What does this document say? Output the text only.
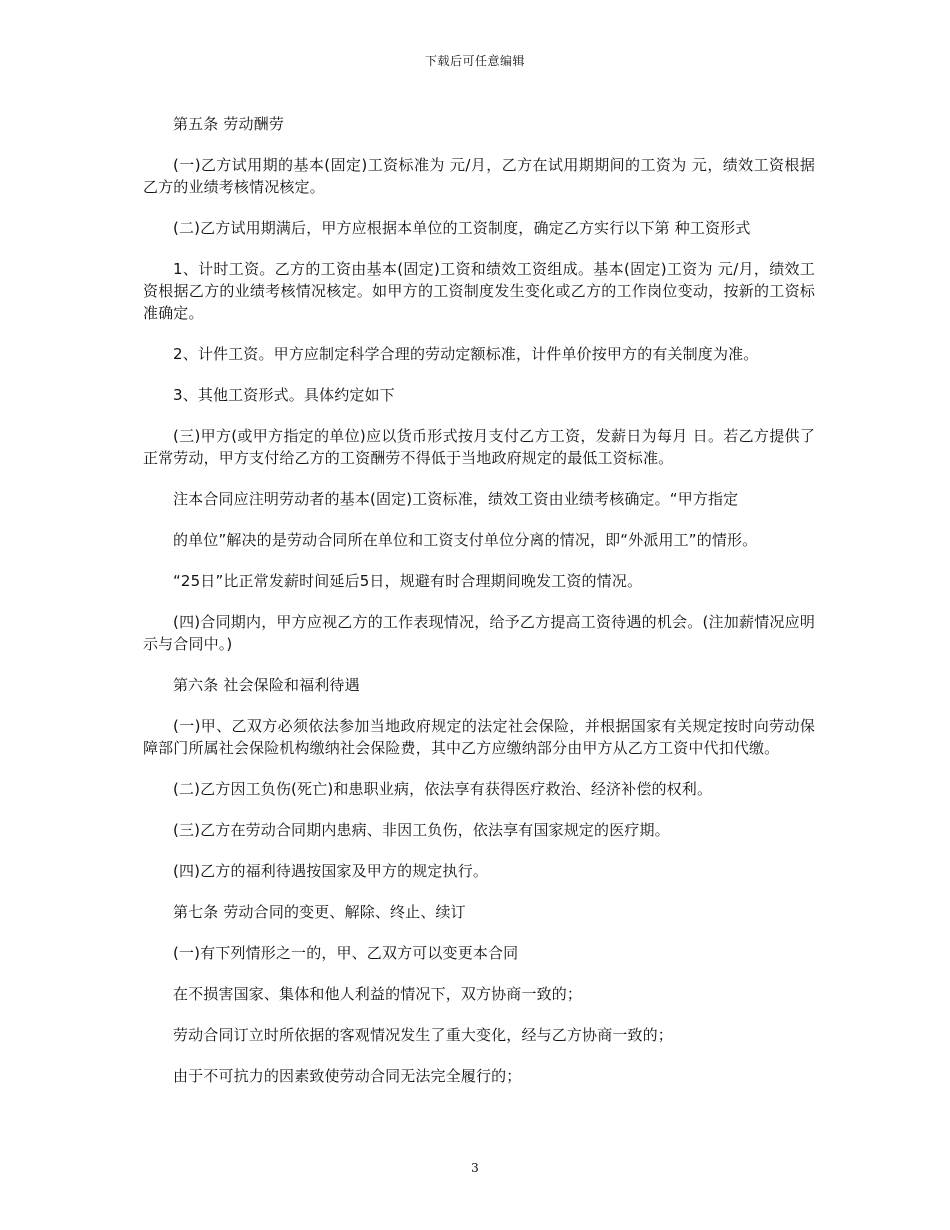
下载后可任意编辑

第五条 劳动酬劳

(一)乙方试用期的基本(固定)工资标准为 元/月，乙方在试用期期间的工资为 元，绩效工资根据乙方的业绩考核情况核定。

(二)乙方试用期满后，甲方应根据本单位的工资制度，确定乙方实行以下第 种工资形式

1、计时工资。乙方的工资由基本(固定)工资和绩效工资组成。基本(固定)工资为 元/月，绩效工资根据乙方的业绩考核情况核定。如甲方的工资制度发生变化或乙方的工作岗位变动，按新的工资标准确定。

2、计件工资。甲方应制定科学合理的劳动定额标准，计件单价按甲方的有关制度为准。

3、其他工资形式。具体约定如下

(三)甲方(或甲方指定的单位)应以货币形式按月支付乙方工资，发薪日为每月 日。若乙方提供了正常劳动，甲方支付给乙方的工资酬劳不得低于当地政府规定的最低工资标准。

注本合同应注明劳动者的基本(固定)工资标准，绩效工资由业绩考核确定。“甲方指定

的单位”解决的是劳动合同所在单位和工资支付单位分离的情况，即“外派用工”的情形。

“25日”比正常发薪时间延后5日，规避有时合理期间晚发工资的情况。

(四)合同期内，甲方应视乙方的工作表现情况，给予乙方提高工资待遇的机会。(注加薪情况应明示与合同中。)

第六条 社会保险和福利待遇

(一)甲、乙双方必须依法参加当地政府规定的法定社会保险，并根据国家有关规定按时向劳动保障部门所属社会保险机构缴纳社会保险费，其中乙方应缴纳部分由甲方从乙方工资中代扣代缴。

(二)乙方因工负伤(死亡)和患职业病，依法享有获得医疗救治、经济补偿的权利。

(三)乙方在劳动合同期内患病、非因工负伤，依法享有国家规定的医疗期。

(四)乙方的福利待遇按国家及甲方的规定执行。

第七条 劳动合同的变更、解除、终止、续订

(一)有下列情形之一的，甲、乙双方可以变更本合同

在不损害国家、集体和他人利益的情况下，双方协商一致的；

劳动合同订立时所依据的客观情况发生了重大变化，经与乙方协商一致的；

由于不可抗力的因素致使劳动合同无法完全履行的；

3
